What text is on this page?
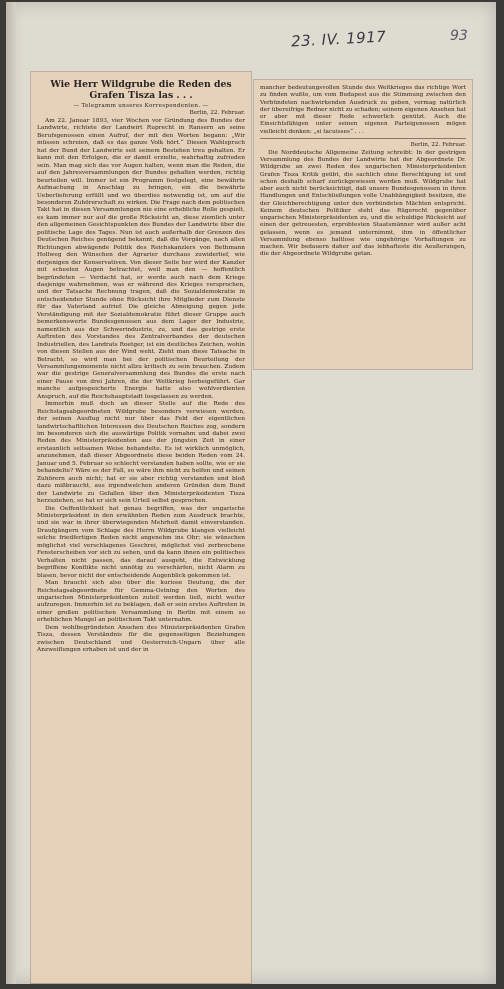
23. IV. 1917	93
Wie Herr Wildgrube die Reden des Grafen Tisza las . . .
— Telegramm unseres Korrespondenten. —
Berlin, 22. Februar.

Am 22. Januar 1893, vier Wochen vor Gründung des Bundes der Landwirte, richtete der Landwirt Ruprecht in Ransern an seine Berufsgenossen einen Aufruf, der mit den Worten begann: „Wir müssen schreien, daß es das ganze Volk hört.“ Diesen Wahlspruch hat der Bund der Landwirte seit seinem Bestehen treu gehalten. Er kann mit den Erfolgen, die er damit erzielte, wahrhaftig zufrieden sein. Man mag sich das vor Augen halten, wenn man die Reden, die auf den Jahresversammlungen der Bundes gehalten werden, richtig beurteilen will. Immer ist ein Programm festgelegt, eine bewährte Aufmachung in Anschlag zu bringen, ein die bewährte Ueberlieferung erfüllt und wo überdies notwendig ist, um auf die besonderen Zuhörerschaft zu wirken. Die Frage nach dem politischen Takt hat in diesen Versammlungen nie eine erhebliche Rolle gespielt, es kam immer nur auf die große Rücksicht an, diese ziemlich unter den allgemeinen Gesichtspunkten des Bundes der Landwirte über die politische Lage des Tages. Nun ist auch außerhalb der Grenzen des Deutschen Reiches genügend bekannt, daß die Vorgänge, nach allen Richtungen abwägende Politik des Reichskanzlers von Bethmann Hollweg den Wünschen der Agrarier durchaus zuwiderlief, wie derjenigen der Konservativen. Von dieser Seite her wird der Kanzler mit scheelen Augen betrachtet, weil man den — hoffentlich begründeten — Verdacht hat, er werde auch nach dem Kriege dasjenige wahrnehmen, was er während des Krieges versprochen, und der Tatsache Rechnung tragen, daß die Sozialdemokratie in entscheidender Stunde ohne Rücksicht ihre Mitglieder zum Dienste für das Vaterland aufrief. Die gleiche Abneigung gegen jede Verständigung mit der Sozialdemokratie führt dieser Gruppe auch bemerkenswerte Bundesgenossen aus dem Lager der Industrie, namentlich aus der Schwerindustrie, zu, und das gestrige erste Auftreten des Vorstandes des Zentralverbandes der deutschen Industriellen, des Landrats Roetger, ist ein deutliches Zeichen, wohin von diesen Stellen aus der Wind weht. Zieht man diese Tatsache in Betracht, so wird man bei der politischen Beurteilung der Versammlungsmomente nicht allzu kritisch zu sein brauchen. Zudem war die gestrige Generalversammlung des Bundes die erste nach einer Pause von drei Jahren, die der Weltkrieg herbeigeführt. Gar manche aufgespeicherte Energie hatte also wohlverdienten Anspruch, auf die Reichshauptstadt losgelassen zu werden.

Immerhin muß doch an dieser Stelle auf die Rede des Reichstagsabgeordneten Wildgrube besonders verwiesen werden, der seinen Ausflug nicht nur über das Feld der eigentlichen landwirtschaftlichen Interessen des Deutschen Reiches zog, sondern im besonderen sich die auswärtige Politik vornahm und dabei zwei Reden des Ministerpräsidenten aus der jüngsten Zeit in einer erstaunlich seltsamen Weise behandelte. Es ist wirklich unmöglich, anzunehmen, daß dieser Abgeordnete diese beiden Reden vom 24. Januar und 5. Februar so schlecht verstanden haben sollte, wie er sie behandelte? Wäre es der Fall, so wäre ihm nicht zu helfen und seinen Zuhörern auch nicht; hat er sie aber richtig verstanden und bloß dazu mißbraucht, aus irgendwelchen anderen Gründen dem Bund der Landwirte zu Gefallen über den Ministerpräsidenten Tisza herzuziehen, so hat er sich sein Urteil selbst gesprochen.

Die Oeffentlichkeit hat genau begriffen, was der ungarische Ministerpräsident in den erwähnten Reden zum Ausdruck brachte, und sie war in ihrer überwiegenden Mehrheit damit einverstanden. Draufgängern vom Schlage des Herrn Wildgrube klangen vielleicht solche friedfertigen Reden nicht angenehm ins Ohr; sie wünschen möglichst viel verschlagenes Geschrei, möglichst viel zerbrochene Fensterscheiben vor sich zu sehen, und da kann ihnen ein politisches Verhalten nicht passen, das darauf ausgeht, die Entwicklung begriffene Konflikte nicht unnötig zu verschärfen, nicht Alarm zu blasen, bevor nicht der entscheidende Augenblick gekommen ist.

Man braucht sich also über die kuriose Deutung, die der Reichstagsabgeordnete für Gemma-Ostning den Worten des ungarischen Ministerpräsidenten zuteil werden ließ, nicht weiter aufzuregen. Immerhin ist zu beklagen, daß er sein erstes Auftreten in einer großen politischen Versammlung in Berlin mit einem so erheblichen Mangel an politischem Takt unternahm.

Dem wohlbegründeten Ansehen des Ministerpräsidenten Grafen Tisza, dessen Verständnis für die gegenseitigen Beziehungen zwischen Deutschland und Oesterreich-Ungarn über alle Anzweiflungen erhaben ist und der in

mancher bedeutungsvollen Stunde des Weltkrieges das richtige Wort zu finden wußte, um vom Budapest aus die Stimmung zwischen den Verbündeten nachwirkenden Ausdruck zu geben, vermag natürlich der übereifrige Redner nicht zu schaden; seinem eigenen Ansehen hat er aber mit dieser Rede schwerlich genützt. Auch die Einsichtsfähigen unter seinen eigenen Parteigenossen mögen vielleicht denken: „si tacuisses“ . . .

Berlin, 22. Februar.

Die Norddeutsche Allgemeine Zeitung schreibt: In der gestrigen Versammlung des Bundes der Landwirte hat der Abgeordnete Dr. Wildgrube an zwei Reden des ungarischen Ministerpräsidenten Grafen Tisza Kritik geübt, die sachlich ohne Berechtigung ist und schon deshalb scharf zurückgewiesen werden muß. Wildgrube hat aber auch nicht berücksichtigt, daß unsere Bundesgenossen in ihren Handlungen und Entschließungen volle Unabhängigkeit besitzen, die der Gleichberechtigung unter den verbündeten Mächten entspricht. Keinem deutschen Politiker steht das Rügerecht gegenüber ungarischen Ministerpräsidenten zu, und die schuldige Rücksicht auf einen der getreuesten, erprobtesten Staatsmänner wird außer acht gelassen, wenn es jemand unternimmt, ihm in öffentlicher Versammlung ebenso haltlose wie ungehörige Vorhaltungen zu machen. Wir bedauern daher auf das lebhafteste die Aeußerungen, die der Abgeordnete Wildgrube getan.
